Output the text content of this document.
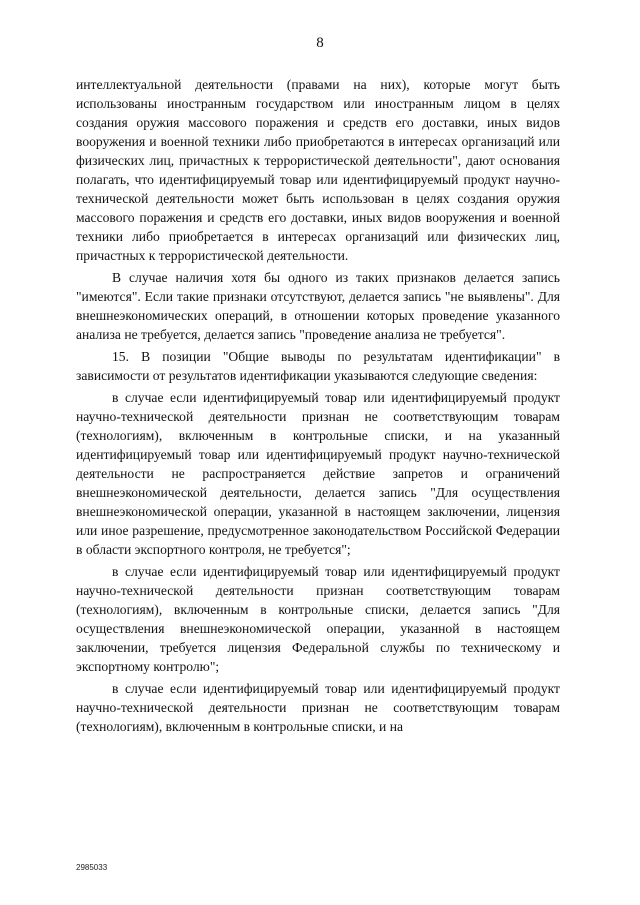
8

интеллектуальной деятельности (правами на них), которые могут быть использованы иностранным государством или иностранным лицом в целях создания оружия массового поражения и средств его доставки, иных видов вооружения и военной техники либо приобретаются в интересах организаций или физических лиц, причастных к террористической деятельности", дают основания полагать, что идентифицируемый товар или идентифицируемый продукт научно-технической деятельности может быть использован в целях создания оружия массового поражения и средств его доставки, иных видов вооружения и военной техники либо приобретается в интересах организаций или физических лиц, причастных к террористической деятельности.

В случае наличия хотя бы одного из таких признаков делается запись "имеются". Если такие признаки отсутствуют, делается запись "не выявлены". Для внешнеэкономических операций, в отношении которых проведение указанного анализа не требуется, делается запись "проведение анализа не требуется".

15. В позиции "Общие выводы по результатам идентификации" в зависимости от результатов идентификации указываются следующие сведения:

в случае если идентифицируемый товар или идентифицируемый продукт научно-технической деятельности признан не соответствующим товарам (технологиям), включенным в контрольные списки, и на указанный идентифицируемый товар или идентифицируемый продукт научно-технической деятельности не распространяется действие запретов и ограничений внешнеэкономической деятельности, делается запись "Для осуществления внешнеэкономической операции, указанной в настоящем заключении, лицензия или иное разрешение, предусмотренное законодательством Российской Федерации в области экспортного контроля, не требуется";

в случае если идентифицируемый товар или идентифицируемый продукт научно-технической деятельности признан соответствующим товарам (технологиям), включенным в контрольные списки, делается запись "Для осуществления внешнеэкономической операции, указанной в настоящем заключении, требуется лицензия Федеральной службы по техническому и экспортному контролю";

в случае если идентифицируемый товар или идентифицируемый продукт научно-технической деятельности признан не соответствующим товарам (технологиям), включенным в контрольные списки, и на

2985033
